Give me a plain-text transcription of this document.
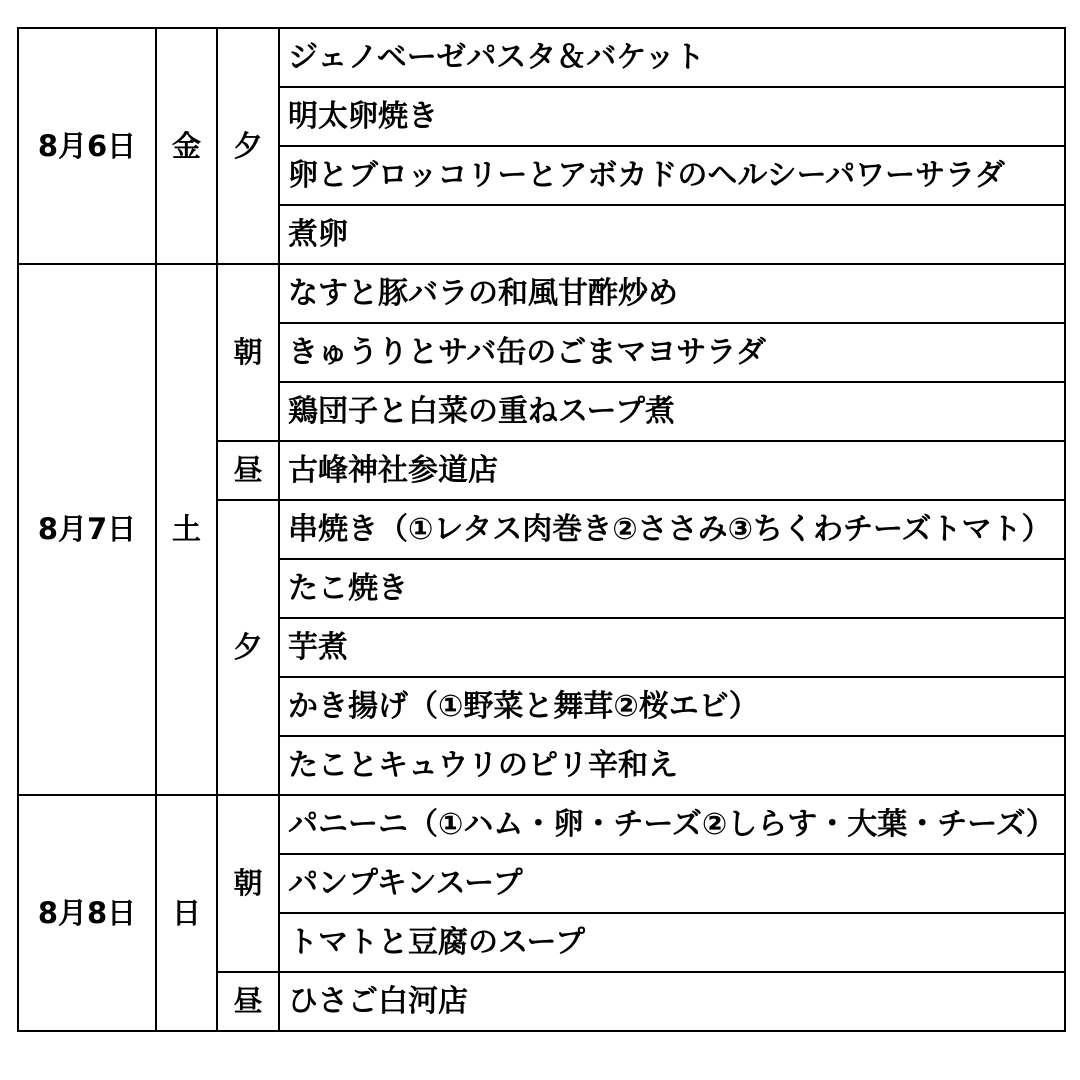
8月6日	金	夕	ジェノベーゼパスタ＆バケット
			明太卵焼き
			卵とブロッコリーとアボカドのヘルシーパワーサラダ
			煮卵
8月7日	土	朝	なすと豚バラの和風甘酢炒め
			きゅうりとサバ缶のごまマヨサラダ
			鶏団子と白菜の重ねスープ煮
		昼	古峰神社参道店
		夕	串焼き（①レタス肉巻き②ささみ③ちくわチーズトマト）
			たこ焼き
			芋煮
			かき揚げ（①野菜と舞茸②桜エビ）
			たことキュウリのピリ辛和え
8月8日	日	朝	パニーニ（①ハム・卵・チーズ②しらす・大葉・チーズ）
			パンプキンスープ
			トマトと豆腐のスープ
		昼	ひさご白河店
